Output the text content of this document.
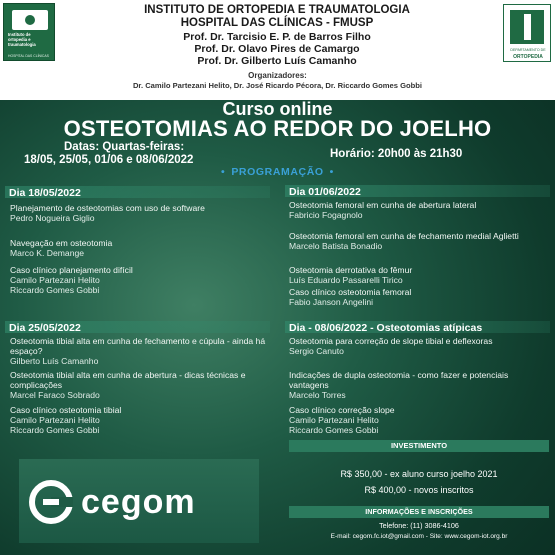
Instituto de
ortopedia e
traumatologia
HOSPITAL DAS CLÍNICAS
DEPARTAMENTO DE
ORTOPEDIA
INSTITUTO DE ORTOPEDIA E TRAUMATOLOGIA
HOSPITAL DAS CLÍNICAS - FMUSP
Prof. Dr. Tarcisio E. P. de Barros Filho
Prof. Dr. Olavo Pires de Camargo
Prof. Dr. Gilberto Luís Camanho
Organizadores:
Dr. Camilo Partezani Helito, Dr. José Ricardo Pécora, Dr. Riccardo Gomes Gobbi
Curso online
OSTEOTOMIAS AO REDOR DO JOELHO
Datas: Quartas-feiras:
18/05, 25/05, 01/06 e 08/06/2022	Horário: 20h00 às 21h30
• PROGRAMAÇÃO •
Dia 18/05/2022
Planejamento de osteotomias com uso de software
Pedro Nogueira Giglio
Navegação em osteotomia
Marco K. Demange
Caso clínico planejamento difícil
Camilo Partezani Helito
Riccardo Gomes Gobbi
Dia 01/06/2022
Osteotomia femoral em cunha de abertura lateral
Fabricio Fogagnolo
Osteotomia femoral em cunha de fechamento medial Aglietti
Marcelo Batista Bonadio
Osteotomia derrotativa do fêmur
Luís Eduardo Passarelli Tirico
Caso clínico osteotomia femoral
Fabio Janson Angelini
Dia 25/05/2022
Osteotomia tibial alta em cunha de fechamento e cúpula - ainda há espaço?
Gilberto Luís Camanho
Osteotomia tibial alta em cunha de abertura - dicas técnicas e complicações
Marcel Faraco Sobrado
Caso clínico osteotomia tibial
Camilo Partezani Helito
Riccardo Gomes Gobbi
Dia - 08/06/2022 - Osteotomias atípicas
Osteotomia para correção de slope tibial e deflexoras
Sergio Canuto
Indicações de dupla osteotomia - como fazer e potenciais vantagens
Marcelo Torres
Caso clínico correção slope
Camilo Partezani Helito
Riccardo Gomes Gobbi
cegom
INVESTIMENTO
R$ 350,00 - ex aluno curso joelho 2021
R$ 400,00 - novos inscritos
INFORMAÇÕES E INSCRIÇÕES
Telefone: (11) 3086-4106
E-mail: cegom.fc.iot@gmail.com - Site: www.cegom-iot.org.br
